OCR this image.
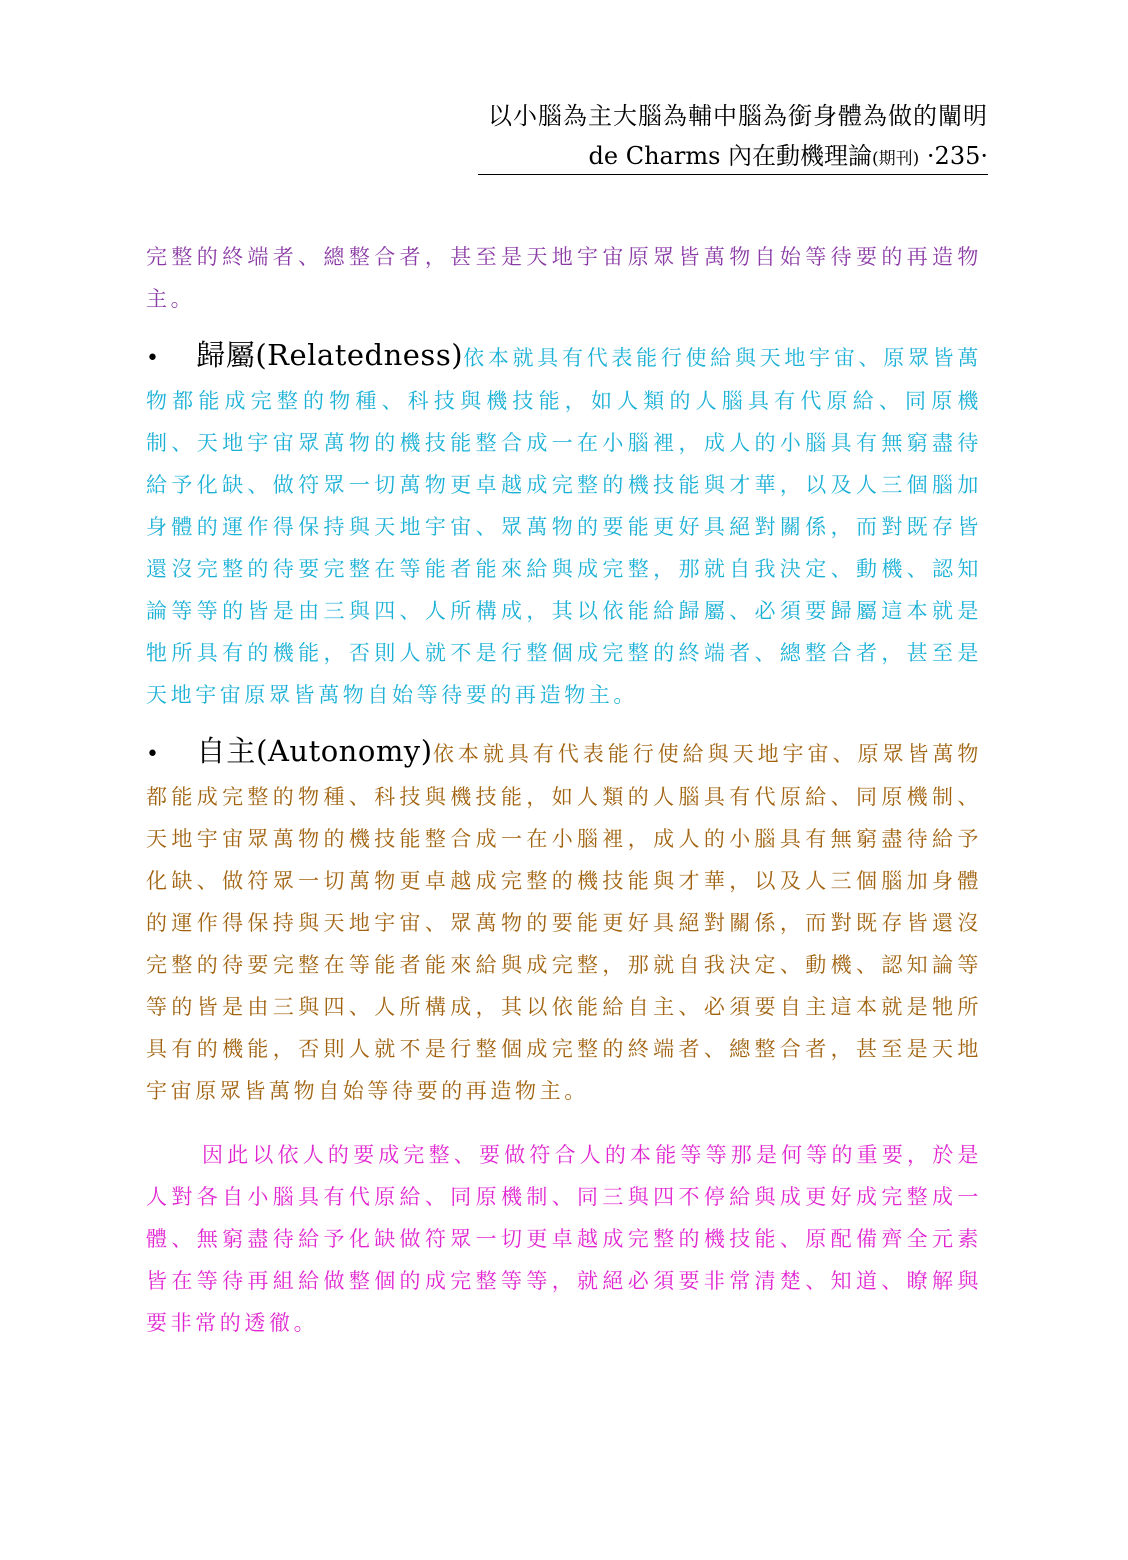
以小腦為主大腦為輔中腦為銜身體為做的闡明
de Charms 內在動機理論(期刊) ·235·

完整的終端者、總整合者，甚至是天地宇宙原眾皆萬物自始等待要的再造物主。

• 歸屬(Relatedness)依本就具有代表能行使給與天地宇宙、原眾皆萬物都能成完整的物種、科技與機技能，如人類的人腦具有代原給、同原機制、天地宇宙眾萬物的機技能整合成一在小腦裡，成人的小腦具有無窮盡待給予化缺、做符眾一切萬物更卓越成完整的機技能與才華，以及人三個腦加身體的運作得保持與天地宇宙、眾萬物的要能更好具絕對關係，而對既存皆還沒完整的待要完整在等能者能來給與成完整，那就自我決定、動機、認知論等等的皆是由三與四、人所構成，其以依能給歸屬、必須要歸屬這本就是牠所具有的機能，否則人就不是行整個成完整的終端者、總整合者，甚至是天地宇宙原眾皆萬物自始等待要的再造物主。

• 自主(Autonomy)依本就具有代表能行使給與天地宇宙、原眾皆萬物都能成完整的物種、科技與機技能，如人類的人腦具有代原給、同原機制、天地宇宙眾萬物的機技能整合成一在小腦裡，成人的小腦具有無窮盡待給予化缺、做符眾一切萬物更卓越成完整的機技能與才華，以及人三個腦加身體的運作得保持與天地宇宙、眾萬物的要能更好具絕對關係，而對既存皆還沒完整的待要完整在等能者能來給與成完整，那就自我決定、動機、認知論等等的皆是由三與四、人所構成，其以依能給自主、必須要自主這本就是牠所具有的機能，否則人就不是行整個成完整的終端者、總整合者，甚至是天地宇宙原眾皆萬物自始等待要的再造物主。

因此以依人的要成完整、要做符合人的本能等等那是何等的重要，於是人對各自小腦具有代原給、同原機制、同三與四不停給與成更好成完整成一體、無窮盡待給予化缺做符眾一切更卓越成完整的機技能、原配備齊全元素皆在等待再組給做整個的成完整等等，就絕必須要非常清楚、知道、瞭解與要非常的透徹。
